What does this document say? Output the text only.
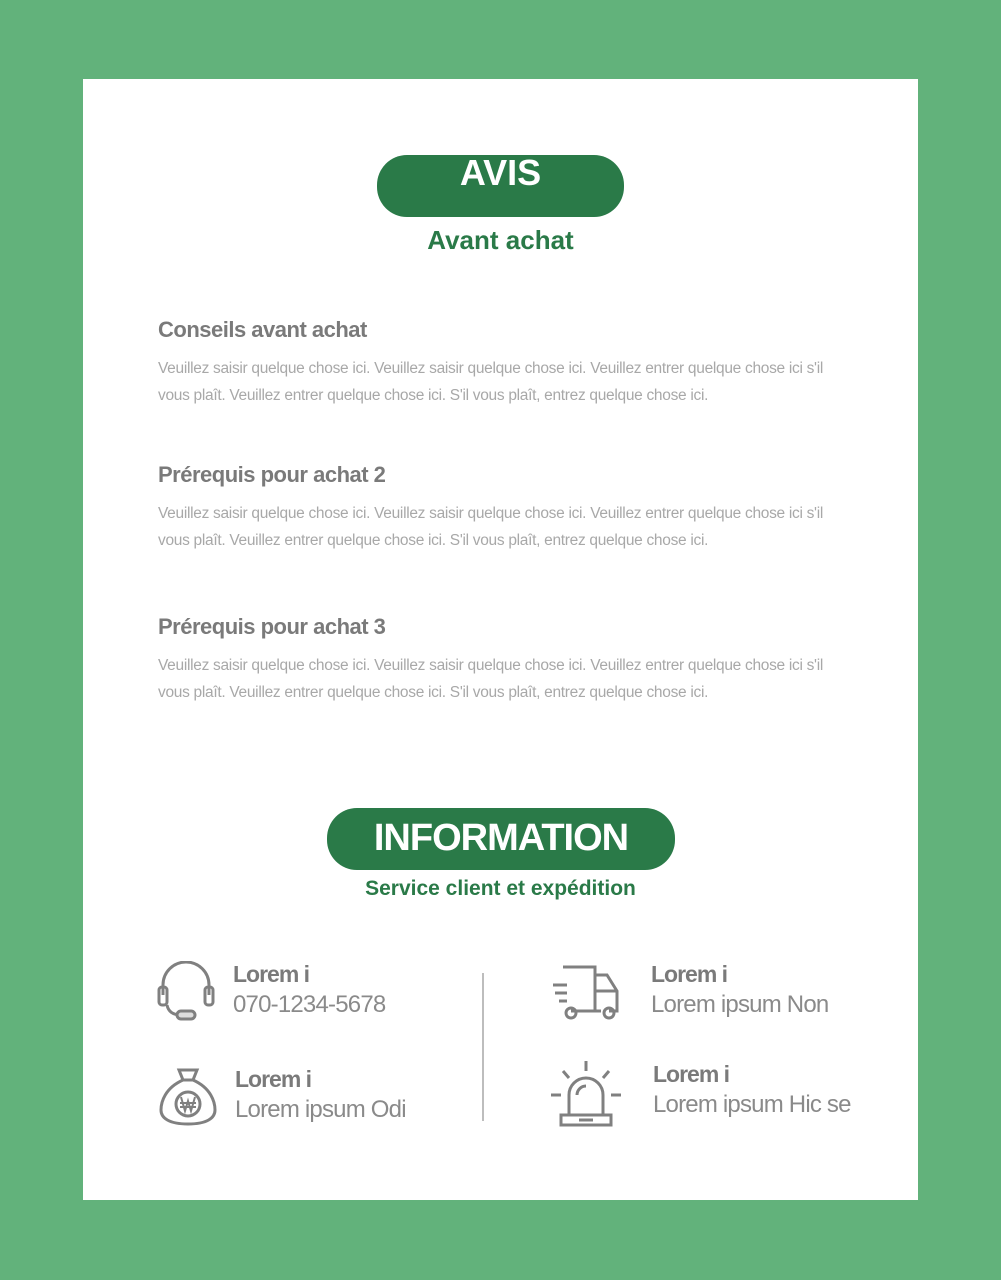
AVIS
Avant achat
Conseils avant achat

Veuillez saisir quelque chose ici. Veuillez saisir quelque chose ici. Veuillez entrer quelque chose ici s'il vous plaît. Veuillez entrer quelque chose ici. S'il vous plaît, entrez quelque chose ici.

Prérequis pour achat 2

Veuillez saisir quelque chose ici. Veuillez saisir quelque chose ici. Veuillez entrer quelque chose ici s'il vous plaît. Veuillez entrer quelque chose ici. S'il vous plaît, entrez quelque chose ici.

Prérequis pour achat 3

Veuillez saisir quelque chose ici. Veuillez saisir quelque chose ici. Veuillez entrer quelque chose ici s'il vous plaît. Veuillez entrer quelque chose ici. S'il vous plaît, entrez quelque chose ici.

INFORMATION
Service client et expédition
Lorem i
070-1234-5678
Lorem i
Lorem ipsum Non
Lorem i
Lorem ipsum Odi
Lorem i
Lorem ipsum Hic se
